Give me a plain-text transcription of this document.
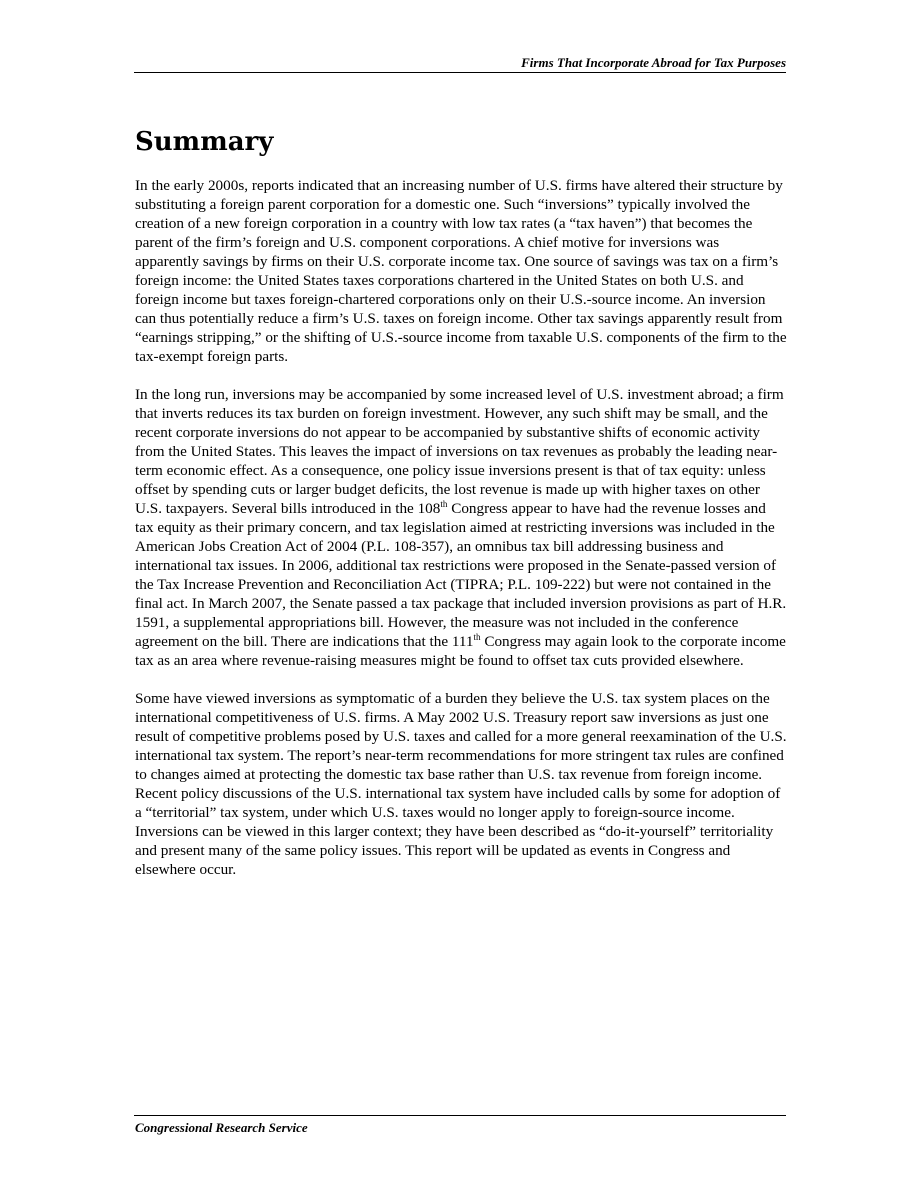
Firms That Incorporate Abroad for Tax Purposes
Summary

In the early 2000s, reports indicated that an increasing number of U.S. firms have altered their structure by substituting a foreign parent corporation for a domestic one. Such “inversions” typically involved the creation of a new foreign corporation in a country with low tax rates (a “tax haven”) that becomes the parent of the firm’s foreign and U.S. component corporations. A chief motive for inversions was apparently savings by firms on their U.S. corporate income tax. One source of savings was tax on a firm’s foreign income: the United States taxes corporations chartered in the United States on both U.S. and foreign income but taxes foreign-chartered corporations only on their U.S.-source income. An inversion can thus potentially reduce a firm’s U.S. taxes on foreign income. Other tax savings apparently result from “earnings stripping,” or the shifting of U.S.-source income from taxable U.S. components of the firm to the tax-exempt foreign parts.

In the long run, inversions may be accompanied by some increased level of U.S. investment abroad; a firm that inverts reduces its tax burden on foreign investment. However, any such shift may be small, and the recent corporate inversions do not appear to be accompanied by substantive shifts of economic activity from the United States. This leaves the impact of inversions on tax revenues as probably the leading near-term economic effect. As a consequence, one policy issue inversions present is that of tax equity: unless offset by spending cuts or larger budget deficits, the lost revenue is made up with higher taxes on other U.S. taxpayers. Several bills introduced in the 108th Congress appear to have had the revenue losses and tax equity as their primary concern, and tax legislation aimed at restricting inversions was included in the American Jobs Creation Act of 2004 (P.L. 108-357), an omnibus tax bill addressing business and international tax issues. In 2006, additional tax restrictions were proposed in the Senate-passed version of the Tax Increase Prevention and Reconciliation Act (TIPRA; P.L. 109-222) but were not contained in the final act. In March 2007, the Senate passed a tax package that included inversion provisions as part of H.R. 1591, a supplemental appropriations bill. However, the measure was not included in the conference agreement on the bill. There are indications that the 111th Congress may again look to the corporate income tax as an area where revenue-raising measures might be found to offset tax cuts provided elsewhere.

Some have viewed inversions as symptomatic of a burden they believe the U.S. tax system places on the international competitiveness of U.S. firms. A May 2002 U.S. Treasury report saw inversions as just one result of competitive problems posed by U.S. taxes and called for a more general reexamination of the U.S. international tax system. The report’s near-term recommendations for more stringent tax rules are confined to changes aimed at protecting the domestic tax base rather than U.S. tax revenue from foreign income. Recent policy discussions of the U.S. international tax system have included calls by some for adoption of a “territorial” tax system, under which U.S. taxes would no longer apply to foreign-source income. Inversions can be viewed in this larger context; they have been described as “do-it-yourself” territoriality and present many of the same policy issues. This report will be updated as events in Congress and elsewhere occur.

Congressional Research Service
